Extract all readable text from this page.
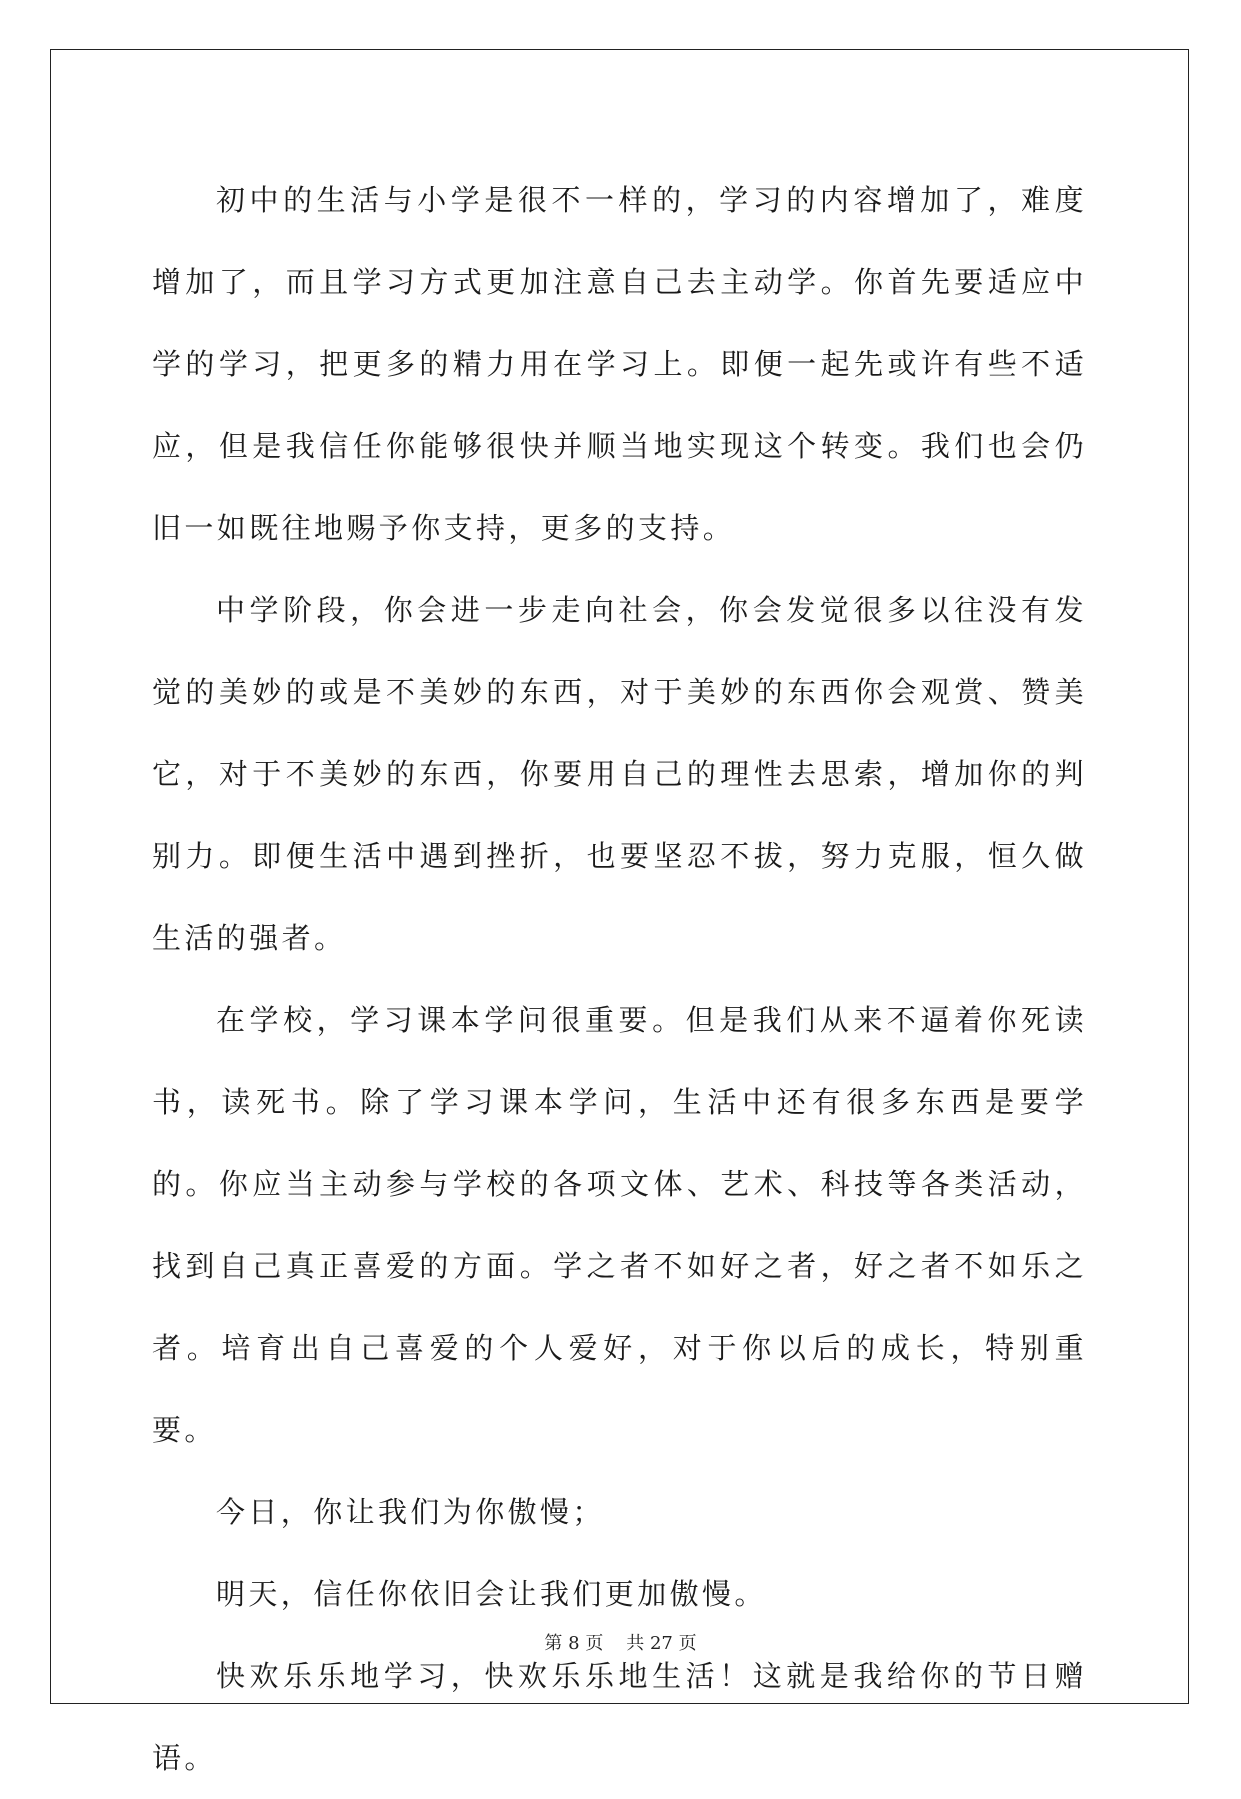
初中的生活与小学是很不一样的，学习的内容增加了，难度增加了，而且学习方式更加注意自己去主动学。你首先要适应中学的学习，把更多的精力用在学习上。即便一起先或许有些不适应，但是我信任你能够很快并顺当地实现这个转变。我们也会仍旧一如既往地赐予你支持，更多的支持。

中学阶段，你会进一步走向社会，你会发觉很多以往没有发觉的美妙的或是不美妙的东西，对于美妙的东西你会观赏、赞美它，对于不美妙的东西，你要用自己的理性去思索，增加你的判别力。即便生活中遇到挫折，也要坚忍不拔，努力克服，恒久做生活的强者。

在学校，学习课本学问很重要。但是我们从来不逼着你死读书，读死书。除了学习课本学问，生活中还有很多东西是要学的。你应当主动参与学校的各项文体、艺术、科技等各类活动，找到自己真正喜爱的方面。学之者不如好之者，好之者不如乐之者。培育出自己喜爱的个人爱好，对于你以后的成长，特别重要。

今日，你让我们为你傲慢；

明天，信任你依旧会让我们更加傲慢。

快欢乐乐地学习，快欢乐乐地生活！这就是我给你的节日赠语。

第 8 页 共 27 页
